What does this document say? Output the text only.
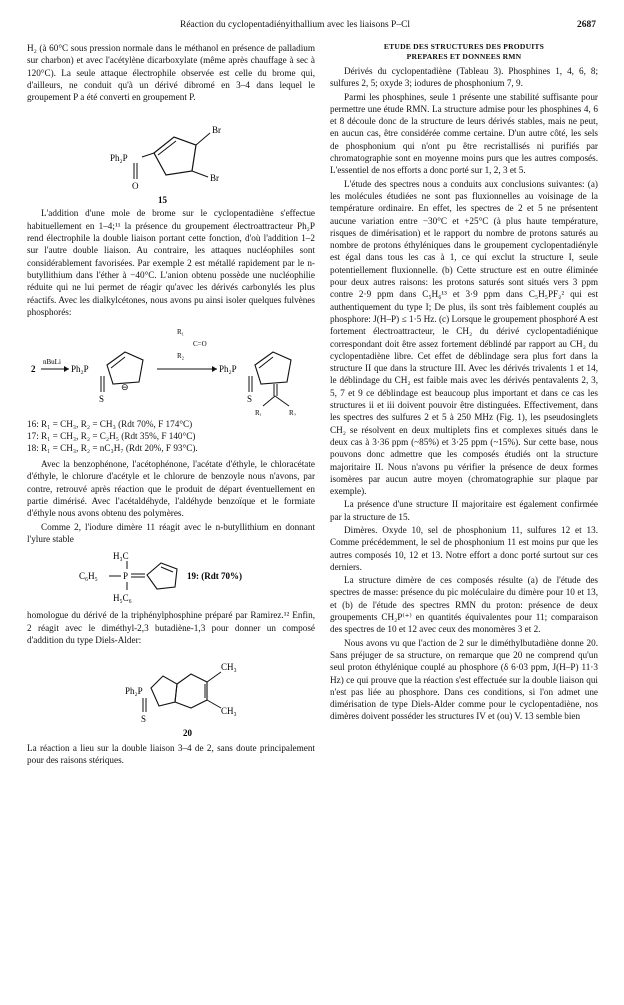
Réaction du cyclopentadiényithallium avec les liaisons P–Cl	2687

H₂ (à 60°C sous pression normale dans le méthanol en présence de palladium sur charbon) et avec l'acétylène dicarboxylate (même après chauffage à sec à 120°C). La seule attaque électrophile observée est celle du brome qui, d'ailleurs, ne conduit qu'à un dérivé dibromé en 3–4 dans lequel le groupement P a été converti en groupement P.

Br
Br
Ph₂P
O
15

L'addition d'une mole de brome sur le cyclopentadiène s'effectue habituellement en 1–4;¹¹ la présence du groupement électroattracteur Ph₂P rend électrophile la double liaison portant cette fonction, d'où l'addition 1–2 sur l'autre double liaison. Au contraire, les attaques nucléophiles sont considérablement favorisées. Par exemple 2 est métallé rapidement par le n-butyllithium dans l'éther à −40°C. L'anion obtenu possède une nucléophilie réduite qui ne lui permet de réagir qu'avec les dérivés carbonylés les plus réactifs. Avec les dialkylcétones, nous avons pu ainsi isoler quelques fulvènes phosphorés:

2
nBuLi
Ph₂P
S
⊖
R₁
C=O
R₂
Ph₂P
S
R₁	R₂
16: R₁ = CH₃, R₂ = CH₃ (Rdt 70%, F 174°C)
17: R₁ = CH₃, R₂ = C₂H₅ (Rdt 35%, F 140°C)
18: R₁ = CH₃, R₂ = nC₃H₇ (Rdt 20%, F 93°C).

Avec la benzophénone, l'acétophénone, l'acétate d'éthyle, le chloracétate d'éthyle, le chlorure d'acétyle et le chlorure de benzoyle nous n'avons, par contre, retrouvé après réaction que le produit de départ éventuellement en partie dimérisé. Avec l'acétaldéhyde, l'aldéhyde benzoïque et le formiate d'éthyle nous avons obtenu des polymères.

Comme 2, l'iodure dimère 11 réagit avec le n-butyllithium en donnant l'ylure stable

H₃C
C₆H₅	P
H₅C₆
19: (Rdt 70%)

homologue du dérivé de la triphénylphosphine préparé par Ramirez.¹² Enfin, 2 réagit avec le diméthyl-2,3 butadiène-1,3 pour donner un composé d'addition du type Diels-Alder:

Ph₂P
CH₃
CH₃
S
20

La réaction a lieu sur la double liaison 3–4 de 2, sans doute principalement pour des raisons stériques.

ETUDE DES STRUCTURES DES PRODUITS
PREPARES ET DONNEES RMN

Dérivés du cyclopentadiène (Tableau 3). Phosphines 1, 4, 6, 8; sulfures 2, 5; oxyde 3; iodures de phosphonium 7, 9.

Parmi les phosphines, seule 1 présente une stabilité suffisante pour permettre une étude RMN. La structure admise pour les phosphines 4, 6 et 8 découle donc de la structure de leurs dérivés stables, mais ne peut, en aucun cas, être considérée comme certaine. D'un autre côté, les sels de phosphonium qui n'ont pu être recristallisés ni purifiés par chromatographie sont en moyenne moins purs que les autres composés. L'essentiel de nos efforts a donc porté sur 1, 2, 3 et 5.

L'étude des spectres nous a conduits aux conclusions suivantes: (a) les molécules étudiées ne sont pas fluxionnelles au voisinage de la température ordinaire. En effet, les spectres de 2 et 5 ne présentent aucune variation entre −30°C et +25°C (à plus haute température, risques de dimérisation) et le rapport du nombre de protons saturés au nombre de protons éthyléniques dans le groupement cyclopentadiényle est égal dans tous les cas à 1, ce qui exclut la structure I, seule potentiellement fluxionnelle. (b) Cette structure est en outre éliminée pour deux autres raisons: les protons saturés sont situés vers 3 ppm contre 2·9 ppm dans C₅H₆¹³ et 3·9 ppm dans C₅H₅PF₂² qui est authentiquement du type I; De plus, ils sont très faiblement couplés au phosphore: J(H–P) ≤ 1·5 Hz. (c) Lorsque le groupement phosphoré A est fortement électroattracteur, le CH₂ du dérivé cyclopentadiénique correspondant doit être assez fortement déblindé par rapport au CH₂ du cyclopentadiène libre. Cet effet de déblindage sera plus fort dans la structure II que dans la structure III. Avec les dérivés trivalents 1 et 14, le déblindage du CH₂ est faible mais avec les dérivés pentavalents 2, 3, 5, 7 et 9 ce déblindage est beaucoup plus important et dans ce cas les structures ii et iii doivent pouvoir être distinguées. Effectivement, dans les spectres des sulfures 2 et 5 à 250 MHz (Fig. 1), les pseudosinglets CH₂ se résolvent en deux multiplets fins et complexes situés dans le deux cas à 3·36 ppm (~85%) et 3·25 ppm (~15%). Sur cette base, nous pouvons donc admettre que les composés étudiés ont la structure majoritaire II. Nous n'avons pu vérifier la présence de deux formes isomères par aucun autre moyen (chromatographie sur plaque par exemple).

La présence d'une structure II majoritaire est également confirmée par la structure de 15.

Dimères. Oxyde 10, sel de phosphonium 11, sulfures 12 et 13. Comme précédemment, le sel de phosphonium 11 est moins pur que les autres composés 10, 12 et 13. Notre effort a donc porté surtout sur ces derniers.

La structure dimère de ces composés résulte (a) de l'étude des spectres de masse: présence du pic moléculaire du dimère pour 10 et 13, et (b) de l'étude des spectres RMN du proton: présence de deux groupements CH₂P⁽⁺⁾ en quantités équivalentes pour 11; comparaison des spectres de 10 et 12 avec ceux des monomères 3 et 2.

Nous avons vu que l'action de 2 sur le diméthylbutadiène donne 20. Sans préjuger de sa structure, on remarque que 20 ne comprend qu'un seul proton éthylénique couplé au phosphore (δ 6·03 ppm, J(H–P) 11·3 Hz) ce qui prouve que la réaction s'est effectuée sur la double liaison qui n'est pas liée au phosphore. Dans ces conditions, si l'on admet une dimérisation de type Diels-Alder comme pour le cyclopentadiène, nos dimères doivent posséder les structures IV et (ou) V. 13 semble bien
